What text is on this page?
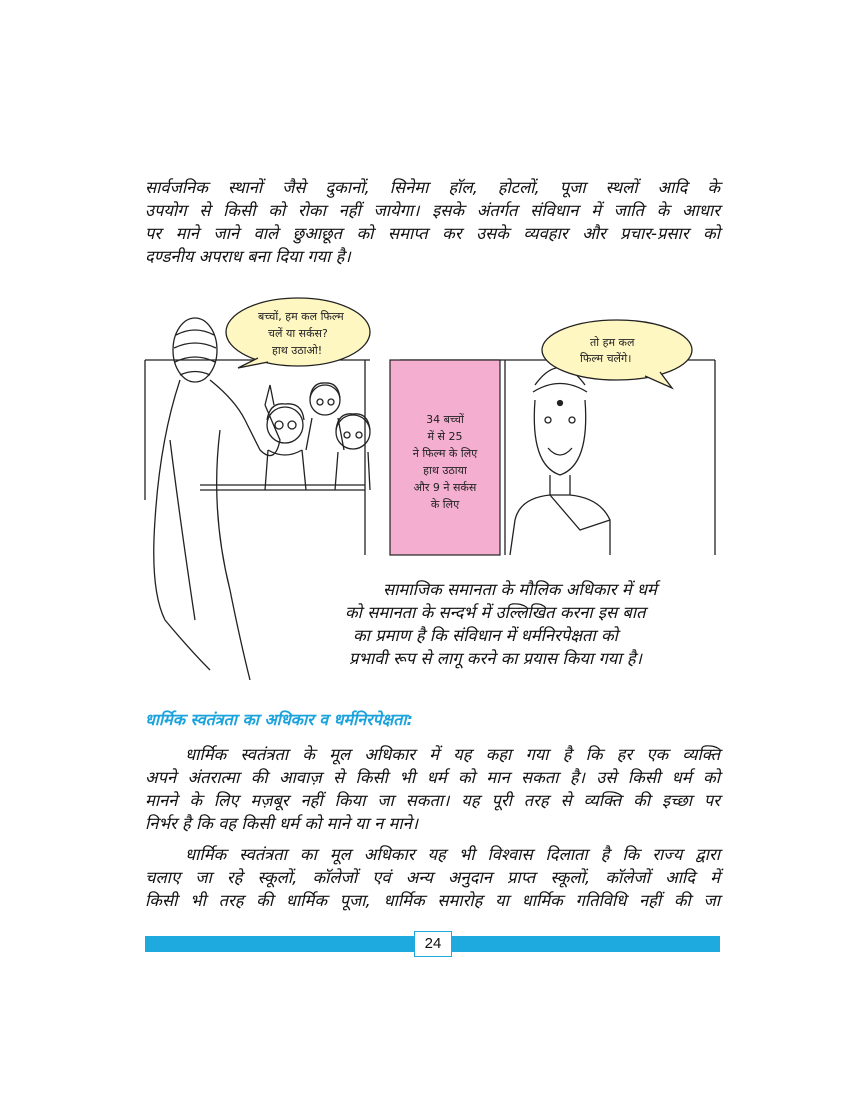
सार्वजनिक स्थानों जैसे दुकानों, सिनेमा हॉल, होटलों, पूजा स्थलों आदि के
उपयोग से किसी को रोका नहीं जायेगा। इसके अंतर्गत संविधान में जाति के आधार
पर माने जाने वाले छुआछूत को समाप्त कर उसके व्यवहार और प्रचार-प्रसार को
दण्डनीय अपराध बना दिया गया है।

बच्चों, हम कल फिल्म
चलें या सर्कस?
हाथ उठाओ!
34 बच्चों
में से 25
ने फिल्म के लिए
हाथ उठाया
और 9 ने सर्कस
के लिए
तो हम कल
फिल्म चलेंगे।

सामाजिक समानता के मौलिक अधिकार में धर्म
को समानता के सन्दर्भ में उल्लिखित करना इस बात
का प्रमाण है कि संविधान में धर्मनिरपेक्षता को
प्रभावी रूप से लागू करने का प्रयास किया गया है।

धार्मिक स्वतंत्रता का अधिकार व धर्मनिरपेक्षता:

धार्मिक स्वतंत्रता के मूल अधिकार में यह कहा गया है कि हर एक व्यक्ति
अपने अंतरात्मा की आवाज़ से किसी भी धर्म को मान सकता है। उसे किसी धर्म को
मानने के लिए मज़बूर नहीं किया जा सकता। यह पूरी तरह से व्यक्ति की इच्छा पर
निर्भर है कि वह किसी धर्म को माने या न माने।

धार्मिक स्वतंत्रता का मूल अधिकार यह भी विश्वास दिलाता है कि राज्य द्वारा
चलाए जा रहे स्कूलों, कॉलेजों एवं अन्य अनुदान प्राप्त स्कूलों, कॉलेजों आदि में
किसी भी तरह की धार्मिक पूजा, धार्मिक समारोह या धार्मिक गतिविधि नहीं की जा

24
